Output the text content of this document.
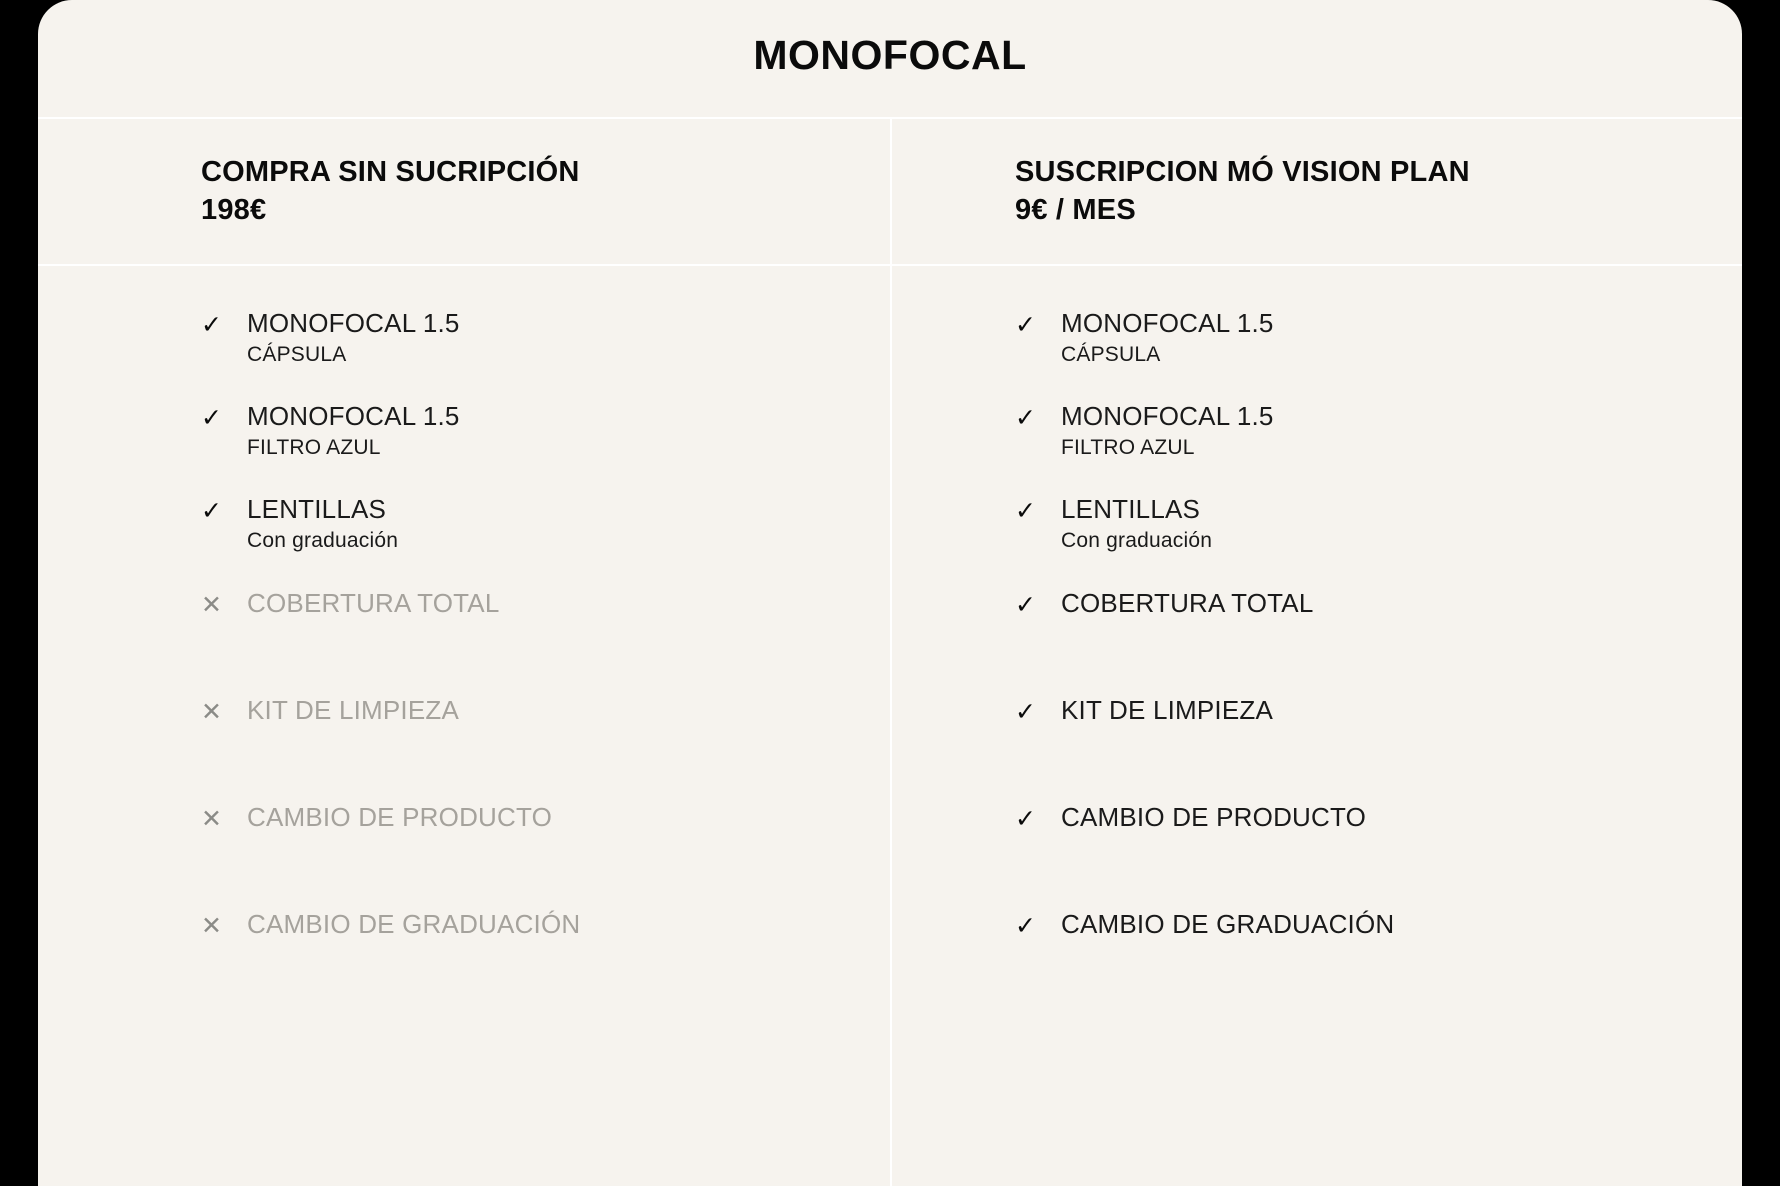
MONOFOCAL
COMPRA SIN SUCRIPCIÓN
198€
✓ MONOFOCAL 1.5
CÁPSULA
✓ MONOFOCAL 1.5
FILTRO AZUL
✓ LENTILLAS
Con graduación
✕ COBERTURA TOTAL
✕ KIT DE LIMPIEZA
✕ CAMBIO DE PRODUCTO
✕ CAMBIO DE GRADUACIÓN
SUSCRIPCION MÓ VISION PLAN
9€ / MES
✓ MONOFOCAL 1.5
CÁPSULA
✓ MONOFOCAL 1.5
FILTRO AZUL
✓ LENTILLAS
Con graduación
✓ COBERTURA TOTAL
✓ KIT DE LIMPIEZA
✓ CAMBIO DE PRODUCTO
✓ CAMBIO DE GRADUACIÓN
